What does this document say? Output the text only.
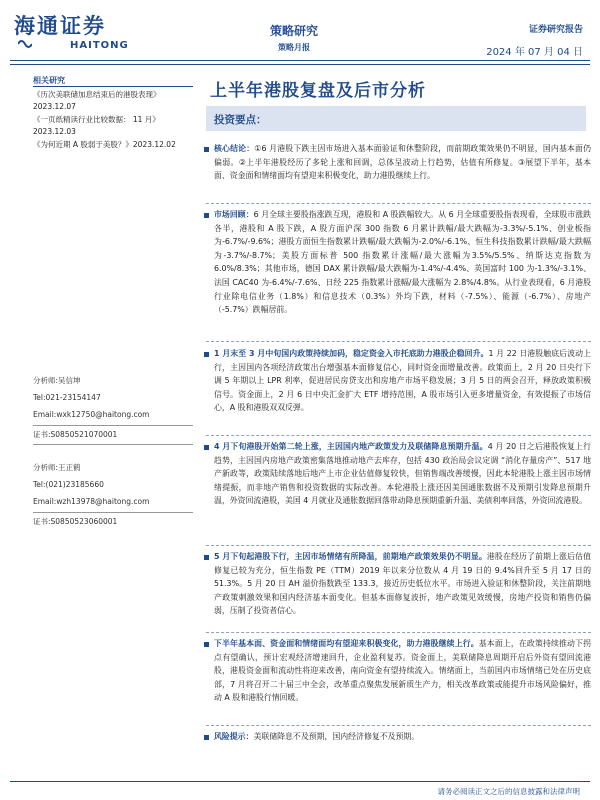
海通证券
HAITONG
策略研究
策略月报
证券研究报告
2024 年 07 月 04 日
上半年港股复盘及后市分析
相关研究
《历次美联储加息结束后的港股表现》
2023.12.07
《一页纸精读行业比较数据： 11 月》
2023.12.03
《为何近期 A 股弱于美股？》2023.12.02
分析师:吴信坤
Tel:021-23154147
Email:wxk12750@haitong.com
证书:S0850521070001
分析师:王正鹤
Tel:(021)23185660
Email:wzh13978@haitong.com
证书:S0850523060001
投资要点：
核心结论：①6 月港股下跌主因市场进入基本面验证和休整阶段，而前期政策效果仍不明显，国内基本面仍偏弱。②上半年港股经历了多轮上涨和回调，总体呈波动上行趋势，估值有所修复。③展望下半年，基本面、资金面和情绪面均有望迎来积极变化，助力港股继续上行。
市场回顾：6 月全球主要股指涨跌互现，港股和 A 股跌幅较大。从 6 月全球重要股指表现看，全球股市涨跌各半，港股和 A 股下跌，A 股方面沪深 300 指数 6 月累计跌幅/最大跌幅为-3.3%/-5.1%、创业板指为-6.7%/-9.6%；港股方面恒生指数累计跌幅/最大跌幅为-2.0%/-6.1%、恒生科技指数累计跌幅/最大跌幅为-3.7%/-8.7%；美股方面标普 500 指数累计涨幅/最大涨幅为3.5%/5.5%、纳斯达克指数为 6.0%/8.3%；其他市场，德国 DAX 累计跌幅/最大跌幅为-1.4%/-4.4%、英国富时 100 为-1.3%/-3.1%、法国 CAC40 为-6.4%/-7.6%、日经 225 指数累计涨幅/最大涨幅为 2.8%/4.8%。从行业表现看，6 月港股行业除电信业务（1.8%）和信息技术（0.3%）外均下跌，材料（-7.5%）、能源（-6.7%）、房地产（-5.7%）跌幅居前。
1 月末至 3 月中旬国内政策持续加码，稳定资金入市托底助力港股企稳回升。1 月 22 日港股触底后波动上行，主因国内各项经济政策出台增强基本面修复信心，同时资金面增量改善。政策面上，2 月 20 日央行下调 5 年期以上 LPR 利率，促进居民房贷支出和房地产市场平稳发展；3 月 5 日的两会召开，释放政策积极信号。资金面上，2 月 6 日中央汇金扩大 ETF 增持范围，A 股市场引入更多增量资金，有效提振了市场信心，A 股和港股双双反弹。
4 月下旬港股开始第二轮上涨，主因国内地产政策发力及联储降息预期升温。4 月 20 日之后港股恢复上行趋势，主因国内房地产政策密集落地推动地产去库存，包括 430 政治局会议定调 “消化存量房产”、517 地产新政等，政策陆续落地后地产上市企业估值修复较快，但销售端改善缓慢，因此本轮港股上涨主因市场情绪提振，而非地产销售和投资数据的实际改善。本轮港股上涨还因美国通胀数据不及预期引发降息预期升温，外资回流港股，美国 4 月就业及通胀数据回落带动降息预期重新升温、美债利率回落，外资回流港股。
5 月下旬起港股下行，主因市场情绪有所降温，前期地产政策效果仍不明显。港股在经历了前期上涨后估值修复已较为充分，恒生指数 PE（TTM）2019 年以来分位数从 4 月 19 日的 9.4%回升至 5 月 17 日的 51.3%。5 月 20 日 AH 溢价指数跌至 133.3，接近历史低位水平。市场进入验证和休整阶段，关注前期地产政策刺激效果和国内经济基本面变化。但基本面修复波折，地产政策见效缓慢，房地产投资和销售仍偏弱，压制了投资者信心。
下半年基本面、资金面和情绪面均有望迎来积极变化，助力港股继续上行。基本面上，在政策持续推动下拐点有望确认，预计宏观经济增速回升，企业盈利复苏。资金面上，美联储降息周期开启后外资有望回流港股，港股资金面和流动性将迎来改善，南向资金有望持续流入。情绪面上，当前国内市场情绪已处在历史底部，7 月将召开二十届三中全会，改革重点聚焦发展新质生产力，相关改革政策或能提升市场风险偏好，推动 A 股和港股行情回暖。
风险提示：美联储降息不及预期，国内经济修复不及预期。
请务必阅读正文之后的信息披露和法律声明
